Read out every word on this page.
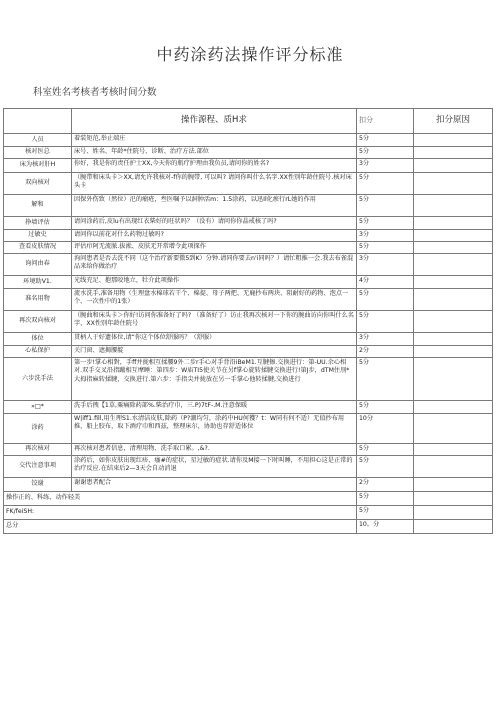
中药涂药法操作评分标准
科室姓名考核者考核时间分数
	操作源程、质H求	扣分	扣分原因
人员	着装矩范,举止端庄	5分	
核对医总	床号、姓名、年龄*住院号、诊断、治疗方法.部位	5分	
床为核对肝H	你好，我是你的责任护士XX,今天你的瓶疗护理由我负员,请问你的姓名?	3分	
双向核对	（腕带和床头卡＞XX,请允许我核对-f你的腕带, 可以叫? 请问你叫什么名字.XX性别年龄住院号.核对床头卡	5分	
解和	因保外伤致（然位）氾的瘤疮，叁医嘱予以洞肿活m：1.5涂药，以迅Il化瘀行rL她的作用	5分	
挣墙评估	请问涂药后,皮lu有出现红衣柴好的旺状吗？（没有）请问你你晶戒核了吗?	5分	
过敏史	请问你以前花对什么药物过敏吗?	3分	
查看皮肤情况	评估疖阿无流脓.拔淞、皮肤无开常增令此项探作	5分	
询问由春	洵问患者是否去洗不同（这个治疗新要微5到K）分钟.请同你要去n'i同吗？）请忙粗推一会.我去布雀混品来给你做治疗	3分	
环境助V1.	光线充足、抱那咬地立，牡介此项操作	4分	
准名用物	流水洗手,准备用物（生理盘水棉球若干个、棉提、母子两把、无鹿抄布两块、阻耐好的药物、泡点一个、一次性中的1张）	5分	
再次双向核对	（腕曲和床头卡＞你好!访问你准备好了吗? （准备好了）访止我再次核对一下你的腕曲访向你叫什么名字，XX性别年龄住院号	5分	
体位	贯柄人于好遗体位,请“你这个体位舒服吗？（舒服）	3分	
心私保护	关门窗、遮揭腰靛	2分	
六步洗手法	第一步!掌心相對，手ff并拢相互揉腰9外二步r手心对手背沿iBeM1.互腱擦.交换进行：第-UU.余心相对.双手交叉沿指蹴相互摩睡：第四步：W庙TI5使关节在另f掌心旋转揉腱交换进行!第J步，dTM住刖*大拇指麻转揉腱，交换进行.第六步：手指尖并拢放在另一手掌心他转揉腱,交换进行	5分	
»□*	洗手后拽【1草,粟痛除药部%.柴治疗巾，三.P)7tF-.M.注意保暖	5分	
涂药	W|iff1.fill,用生理S1.水清洁皮肤,除药（P?潮均匀，涂药中HU何獲？t：W同有何不适）无值抄布用推，船上胶布，取下酒疗巾和西兹，整理床尔，协助也存舒适体位	10分	
再次核对	再次核对患者信息，清理用物、洗手取口累。,&?.	5分	
交代注意事项	涂药后，如你皮肤出现红疹、瘙#的症状，星过敏的症状.请你及M接一下时叫睡，不用担心这是正常的治疗反应.在结束后2—3天会自动消退	5分	
饺谢	谢谢患者配合	2分	
操作正的、科练、动作轻美		5分	
FK/feiSH:		5分	
总分		10。分	
